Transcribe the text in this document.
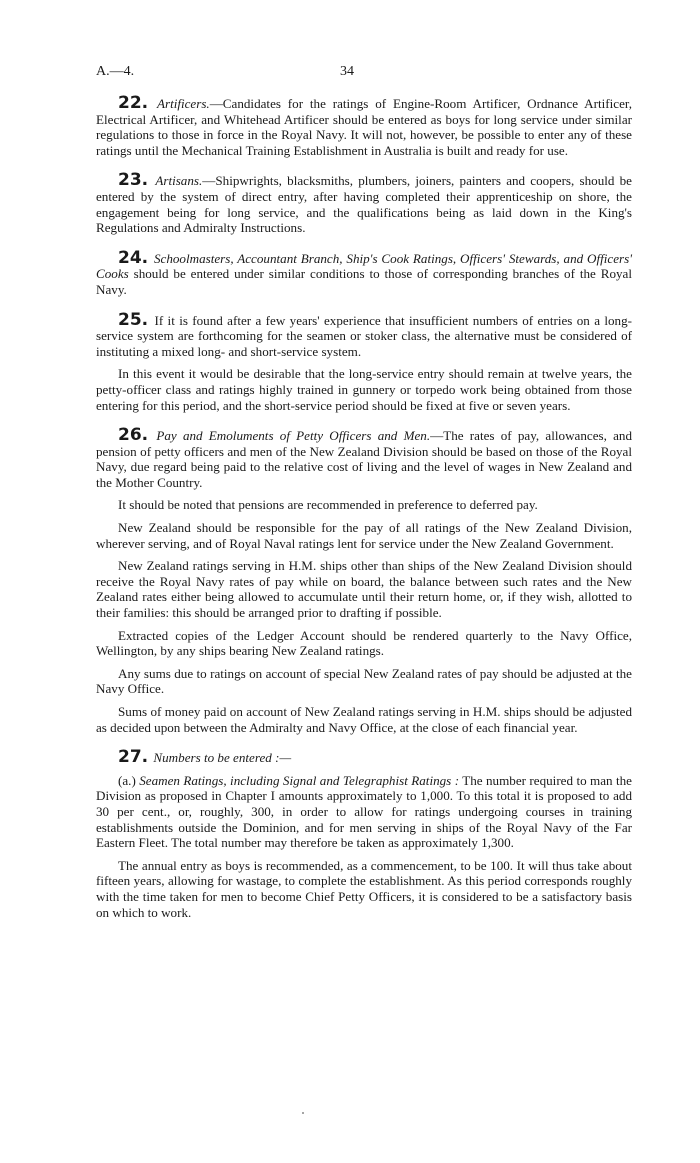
A.—4.	34

22. Artificers.—Candidates for the ratings of Engine-Room Artificer, Ordnance Artificer, Electrical Artificer, and Whitehead Artificer should be entered as boys for long service under similar regulations to those in force in the Royal Navy. It will not, however, be possible to enter any of these ratings until the Mechanical Training Establishment in Australia is built and ready for use.

23. Artisans.—Shipwrights, blacksmiths, plumbers, joiners, painters and coopers, should be entered by the system of direct entry, after having completed their apprenticeship on shore, the engagement being for long service, and the qualifications being as laid down in the King's Regulations and Admiralty Instructions.

24. Schoolmasters, Accountant Branch, Ship's Cook Ratings, Officers' Stewards, and Officers' Cooks should be entered under similar conditions to those of corresponding branches of the Royal Navy.

25. If it is found after a few years' experience that insufficient numbers of entries on a long-service system are forthcoming for the seamen or stoker class, the alternative must be considered of instituting a mixed long- and short-service system.

In this event it would be desirable that the long-service entry should remain at twelve years, the petty-officer class and ratings highly trained in gunnery or torpedo work being obtained from those entering for this period, and the short-service period should be fixed at five or seven years.

26. Pay and Emoluments of Petty Officers and Men.—The rates of pay, allowances, and pension of petty officers and men of the New Zealand Division should be based on those of the Royal Navy, due regard being paid to the relative cost of living and the level of wages in New Zealand and the Mother Country.

It should be noted that pensions are recommended in preference to deferred pay.

New Zealand should be responsible for the pay of all ratings of the New Zealand Division, wherever serving, and of Royal Naval ratings lent for service under the New Zealand Government.

New Zealand ratings serving in H.M. ships other than ships of the New Zealand Division should receive the Royal Navy rates of pay while on board, the balance between such rates and the New Zealand rates either being allowed to accumulate until their return home, or, if they wish, allotted to their families: this should be arranged prior to drafting if possible.

Extracted copies of the Ledger Account should be rendered quarterly to the Navy Office, Wellington, by any ships bearing New Zealand ratings.

Any sums due to ratings on account of special New Zealand rates of pay should be adjusted at the Navy Office.

Sums of money paid on account of New Zealand ratings serving in H.M. ships should be adjusted as decided upon between the Admiralty and Navy Office, at the close of each financial year.

27. Numbers to be entered :—

(a.) Seamen Ratings, including Signal and Telegraphist Ratings : The number required to man the Division as proposed in Chapter I amounts approximately to 1,000. To this total it is proposed to add 30 per cent., or, roughly, 300, in order to allow for ratings undergoing courses in training establishments outside the Dominion, and for men serving in ships of the Royal Navy of the Far Eastern Fleet. The total number may therefore be taken as approximately 1,300.

The annual entry as boys is recommended, as a commencement, to be 100. It will thus take about fifteen years, allowing for wastage, to complete the establishment. As this period corresponds roughly with the time taken for men to become Chief Petty Officers, it is considered to be a satisfactory basis on which to work.
